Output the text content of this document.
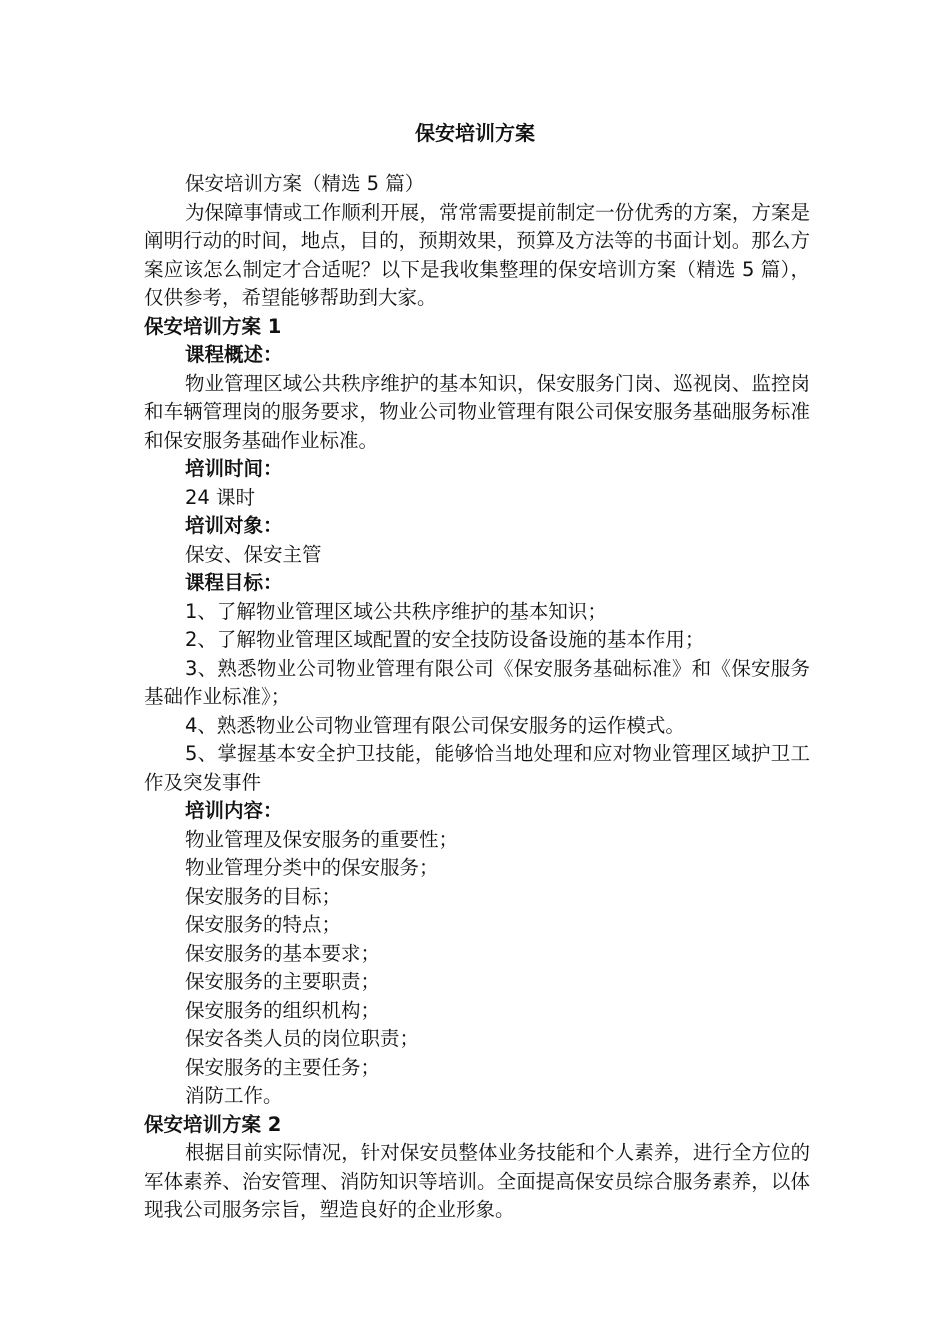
保安培训方案

保安培训方案（精选 5 篇）

为保障事情或工作顺利开展，常常需要提前制定一份优秀的方案，方案是阐明行动的时间，地点，目的，预期效果，预算及方法等的书面计划。那么方案应该怎么制定才合适呢？以下是我收集整理的保安培训方案（精选 5 篇），仅供参考，希望能够帮助到大家。

保安培训方案 1

课程概述：

物业管理区域公共秩序维护的基本知识，保安服务门岗、巡视岗、监控岗和车辆管理岗的服务要求，物业公司物业管理有限公司保安服务基础服务标准和保安服务基础作业标准。

培训时间：

24 课时

培训对象：

保安、保安主管

课程目标：

1、了解物业管理区域公共秩序维护的基本知识；

2、了解物业管理区域配置的安全技防设备设施的基本作用；

3、熟悉物业公司物业管理有限公司《保安服务基础标准》和《保安服务基础作业标准》；

4、熟悉物业公司物业管理有限公司保安服务的运作模式。

5、掌握基本安全护卫技能，能够恰当地处理和应对物业管理区域护卫工作及突发事件

培训内容：

物业管理及保安服务的重要性；

物业管理分类中的保安服务；

保安服务的目标；

保安服务的特点；

保安服务的基本要求；

保安服务的主要职责；

保安服务的组织机构；

保安各类人员的岗位职责；

保安服务的主要任务；

消防工作。

保安培训方案 2

根据目前实际情况，针对保安员整体业务技能和个人素养，进行全方位的军体素养、治安管理、消防知识等培训。全面提高保安员综合服务素养，以体现我公司服务宗旨，塑造良好的企业形象。
